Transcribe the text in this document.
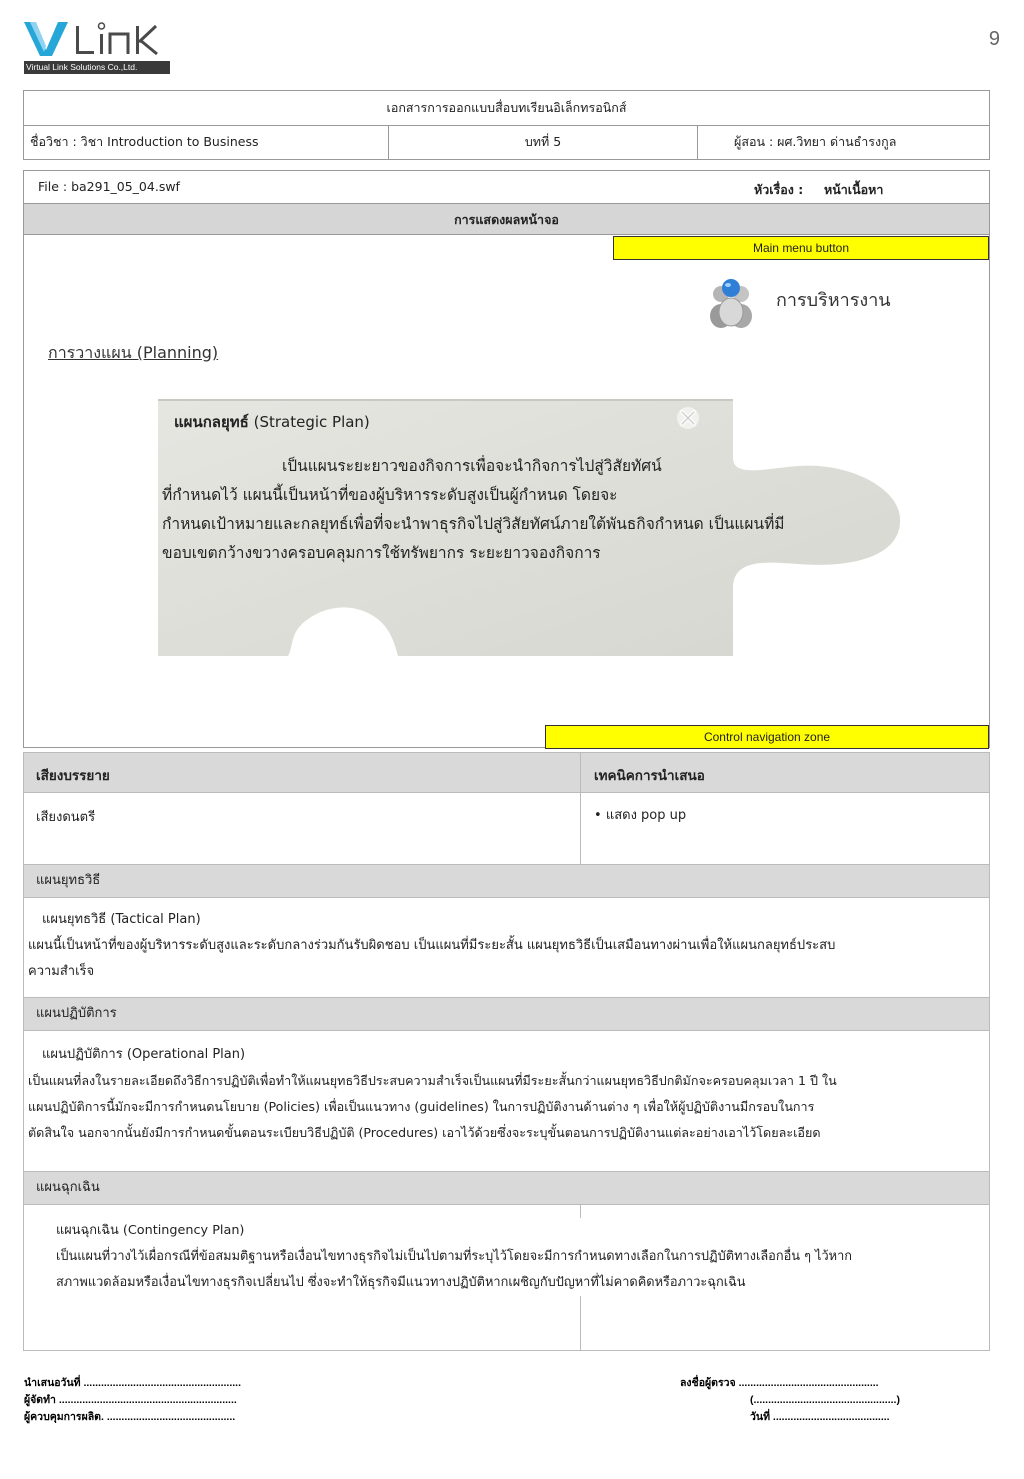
Virtual Link Solutions Co.,Ltd.
9
เอกสารการออกแบบสื่อบทเรียนอิเล็กทรอนิกส์
ชื่อวิชา : วิชา Introduction to Business	บทที่ 5	ผู้สอน : ผศ.วิทยา ด่านธำรงกูล
File : ba291_05_04.swf	หัวเรื่อง : หน้าเนื้อหา
การแสดงผลหน้าจอ
Main menu button
การบริหารงาน
การวางแผน (Planning)
แผนกลยุทธ์ (Strategic Plan)
เป็นแผนระยะยาวของกิจการเพื่อจะนำกิจการไปสู่วิสัยทัศน์
ที่กำหนดไว้ แผนนี้เป็นหน้าที่ของผู้บริหารระดับสูงเป็นผู้กำหนด โดยจะ
กำหนดเป้าหมายและกลยุทธ์เพื่อที่จะนำพาธุรกิจไปสู่วิสัยทัศน์ภายใต้พันธกิจกำหนด เป็นแผนที่มี
ขอบเขตกว้างขวางครอบคลุมการใช้ทรัพยากร ระยะยาวจองกิจการ
Control navigation zone
เสียงบรรยาย	เทคนิคการนำเสนอ
เสียงดนตรี	• แสดง pop up
แผนยุทธวิธี
แผนยุทธวิธี (Tactical Plan)
แผนนี้เป็นหน้าที่ของผู้บริหารระดับสูงและระดับกลางร่วมกันรับผิดชอบ เป็นแผนที่มีระยะสั้น แผนยุทธวิธีเป็นเสมือนทางผ่านเพื่อให้แผนกลยุทธ์ประสบ
ความสำเร็จ
แผนปฏิบัติการ
แผนปฏิบัติการ (Operational Plan)
เป็นแผนที่ลงในรายละเอียดถึงวิธีการปฏิบัติเพื่อทำให้แผนยุทธวิธีประสบความสำเร็จเป็นแผนที่มีระยะสั้นกว่าแผนยุทธวิธีปกติมักจะครอบคลุมเวลา 1 ปี ใน
แผนปฏิบัติการนี้มักจะมีการกำหนดนโยบาย (Policies) เพื่อเป็นแนวทาง (guidelines) ในการปฏิบัติงานด้านต่าง ๆ เพื่อให้ผู้ปฏิบัติงานมีกรอบในการ
ตัดสินใจ นอกจากนั้นยังมีการกำหนดขั้นตอนระเบียบวิธีปฏิบัติ (Procedures) เอาไว้ด้วยซึ่งจะระบุขั้นตอนการปฏิบัติงานแต่ละอย่างเอาไว้โดยละเอียด
แผนฉุกเฉิน
แผนฉุกเฉิน (Contingency Plan)
เป็นแผนที่วางไว้เผื่อกรณีที่ข้อสมมติฐานหรือเงื่อนไขทางธุรกิจไม่เป็นไปตามที่ระบุไว้โดยจะมีการกำหนดทางเลือกในการปฏิบัติทางเลือกอื่น ๆ ไว้หาก
สภาพแวดล้อมหรือเงื่อนไขทางธุรกิจเปลี่ยนไป ซึ่งจะทำให้ธุรกิจมีแนวทางปฏิบัติหากเผชิญกับปัญหาที่ไม่คาดคิดหรือภาวะฉุกเฉิน
นำเสนอวันที่ ......................................................
ผู้จัดทำ .............................................................
ผู้ควบคุมการผลิต. ............................................
ลงชื่อผู้ตรวจ ................................................
(.................................................)
วันที่ ........................................
